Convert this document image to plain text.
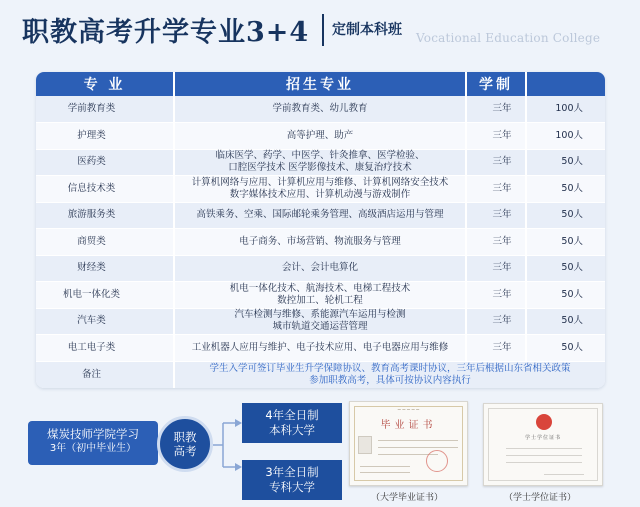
职教高考升学专业3+4 定制本科班 Vocational Education College
专 业	招生专业	学制	
学前教育类	学前教育类、幼儿教育	三年	100人
护理类	高等护理、助产	三年	100人
医药类	临床医学、药学、中医学、针灸推拿、医学检验、
口腔医学技术 医学影像技术、康复治疗技术	三年	50人
信息技术类	计算机网络与应用、计算机应用与维修、计算机网络安全技术
数字媒体技术应用、计算机动漫与游戏制作	三年	50人
旅游服务类	高铁乘务、空乘、国际邮轮乘务管理、高级酒店运用与管理	三年	50人
商贸类	电子商务、市场营销、物流服务与管理	三年	50人
财经类	会计、会计电算化	三年	50人
机电一体化类	机电一体化技术、航海技术、电梯工程技术
数控加工、轮机工程	三年	50人
汽车类	汽车检测与维修、系能源汽车运用与检测
城市轨道交通运营管理	三年	50人
电工电子类	工业机器人应用与维护、电子技术应用、电子电器应用与维修	三年	50人
备注	学生入学可签订毕业生升学保障协议、教育高考课时协议，三年后根据山东省相关政策
参加职教高考，具体可按协议内容执行		
煤炭技师学院学习
3年（初中毕业生）
职教
高考
4年全日制
本科大学
3年全日制
专科大学
─ ─ ─ ─ ─
毕业证书
（大学毕业证书）
学士学位证书
（学士学位证书）
